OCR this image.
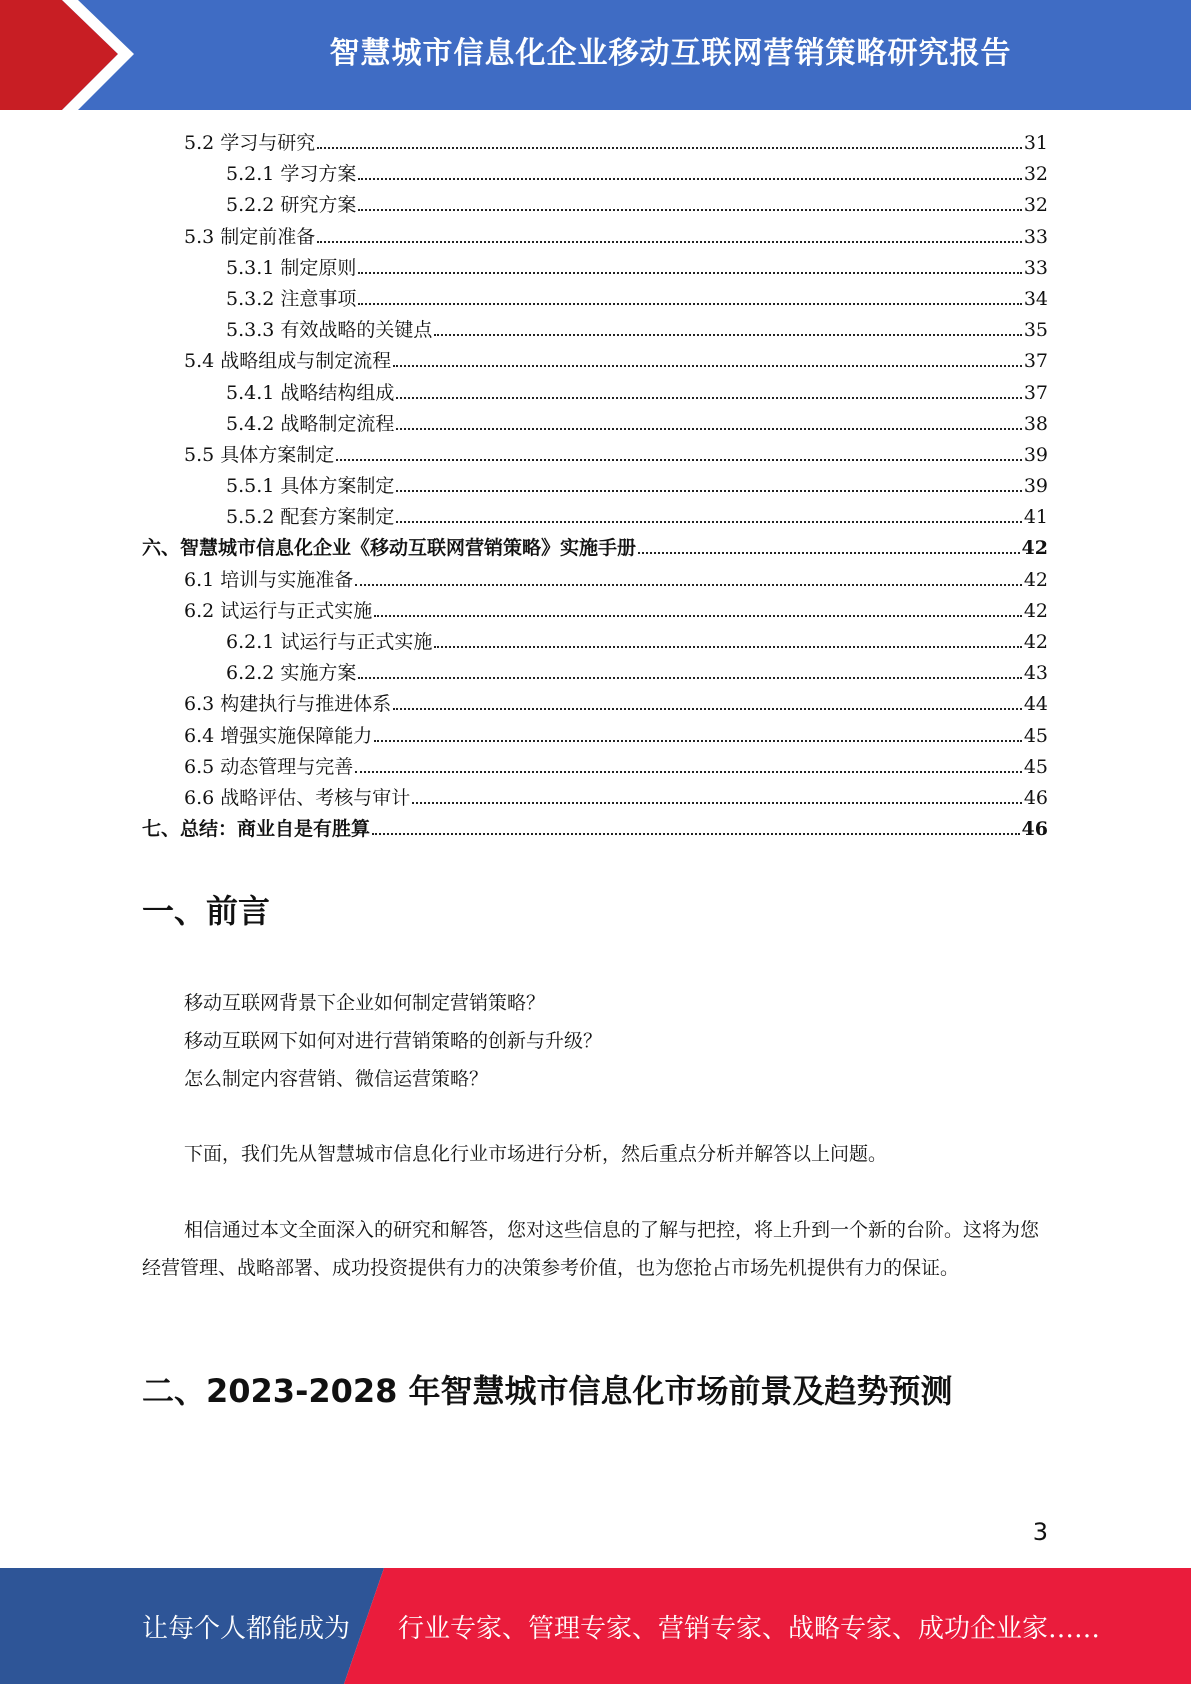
智慧城市信息化企业移动互联网营销策略研究报告
5.2 学习与研究	31
5.2.1 学习方案	32
5.2.2 研究方案	32
5.3 制定前准备	33
5.3.1 制定原则	33
5.3.2 注意事项	34
5.3.3 有效战略的关键点	35
5.4 战略组成与制定流程	37
5.4.1 战略结构组成	37
5.4.2 战略制定流程	38
5.5 具体方案制定	39
5.5.1 具体方案制定	39
5.5.2 配套方案制定	41
六、智慧城市信息化企业《移动互联网营销策略》实施手册	42
6.1 培训与实施准备	42
6.2 试运行与正式实施	42
6.2.1 试运行与正式实施	42
6.2.2 实施方案	43
6.3 构建执行与推进体系	44
6.4 增强实施保障能力	45
6.5 动态管理与完善	45
6.6 战略评估、考核与审计	46
七、总结：商业自是有胜算	46
一、前言
移动互联网背景下企业如何制定营销策略？
移动互联网下如何对进行营销策略的创新与升级？
怎么制定内容营销、微信运营策略？
下面，我们先从智慧城市信息化行业市场进行分析，然后重点分析并解答以上问题。
相信通过本文全面深入的研究和解答，您对这些信息的了解与把控，将上升到一个新的台阶。这将为您经营管理、战略部署、成功投资提供有力的决策参考价值，也为您抢占市场先机提供有力的保证。
二、2023-2028 年智慧城市信息化市场前景及趋势预测
3
让每个人都能成为 行业专家、管理专家、营销专家、战略专家、成功企业家……
